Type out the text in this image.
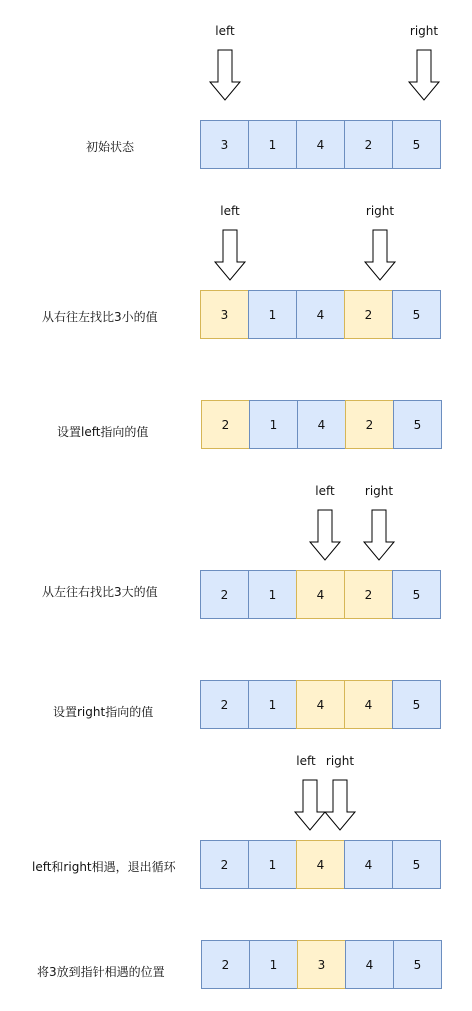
初始状态
left	right
3	1	4	2	5
从右往左找比3小的值
left	right
3	1	4	2	5
设置left指向的值
2	1	4	2	5
从左往右找比3大的值
left	right
2	1	4	2	5
设置right指向的值
2	1	4	4	5
left和right相遇，退出循环
left right
2	1	4	4	5
将3放到指针相遇的位置
2	1	3	4	5
